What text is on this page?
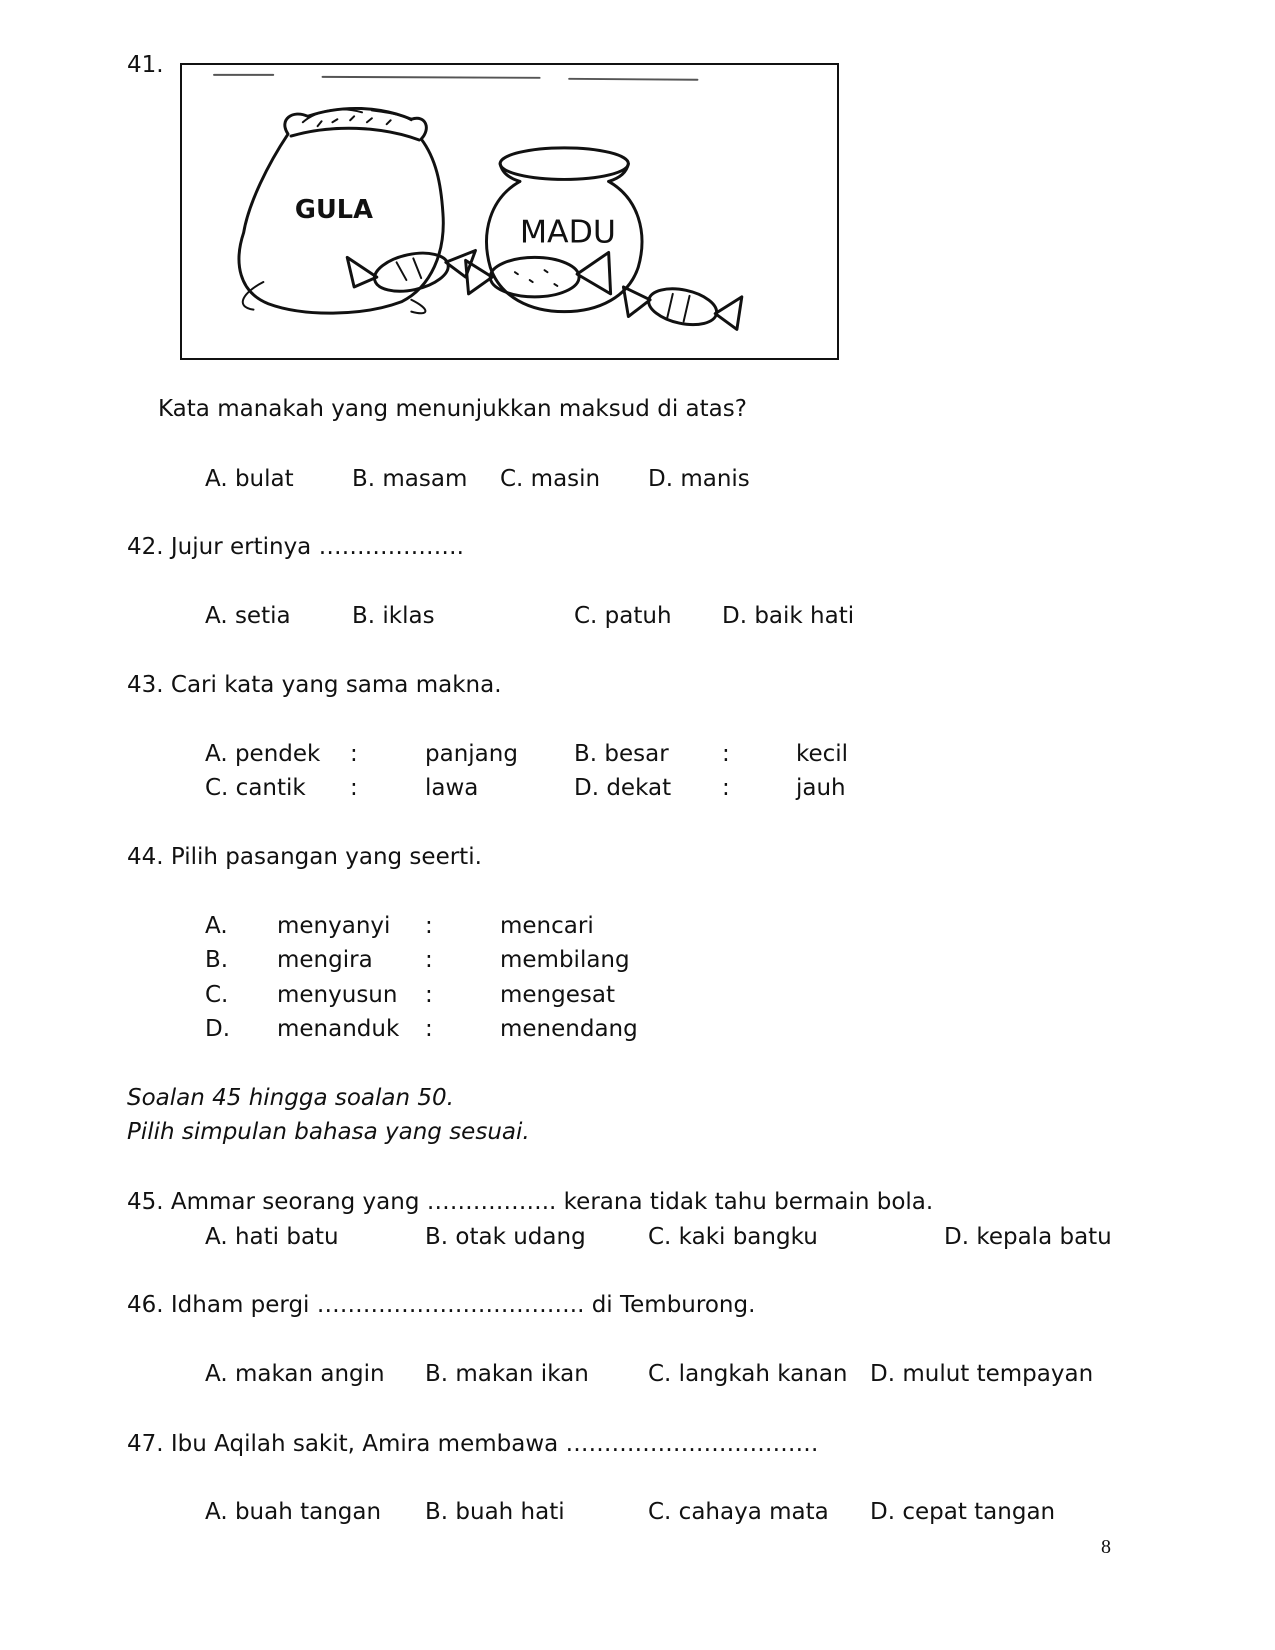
41.
GULA
MADU
Kata manakah yang menunjukkan maksud di atas?
A. bulat	B. masam C. masin D. manis
42. Jujur ertinya ……………….
A. setia	B. iklas	C. patuh D. baik hati
43. Cari kata yang sama makna.
A. pendek :	panjang B. besar :	kecil
C. cantik :	lawa	D. dekat :	jauh
44. Pilih pasangan yang seerti.
A. menyanyi :	mencari
B. mengira :	membilang
C. menyusun :	mengesat
D. menanduk :	menendang
Soalan 45 hingga soalan 50.
Pilih simpulan bahasa yang sesuai.
45. Ammar seorang yang …………….. kerana tidak tahu bermain bola.
A. hati batu	B. otak udang	C. kaki bangku	D. kepala batu
46. Idham pergi …………………………….. di Temburong.
A. makan angin B. makan ikan	C. langkah kanan D. mulut tempayan
47. Ibu Aqilah sakit, Amira membawa ……………………………
A. buah tangan B. buah hati	C. cahaya mata D. cepat tangan
8
